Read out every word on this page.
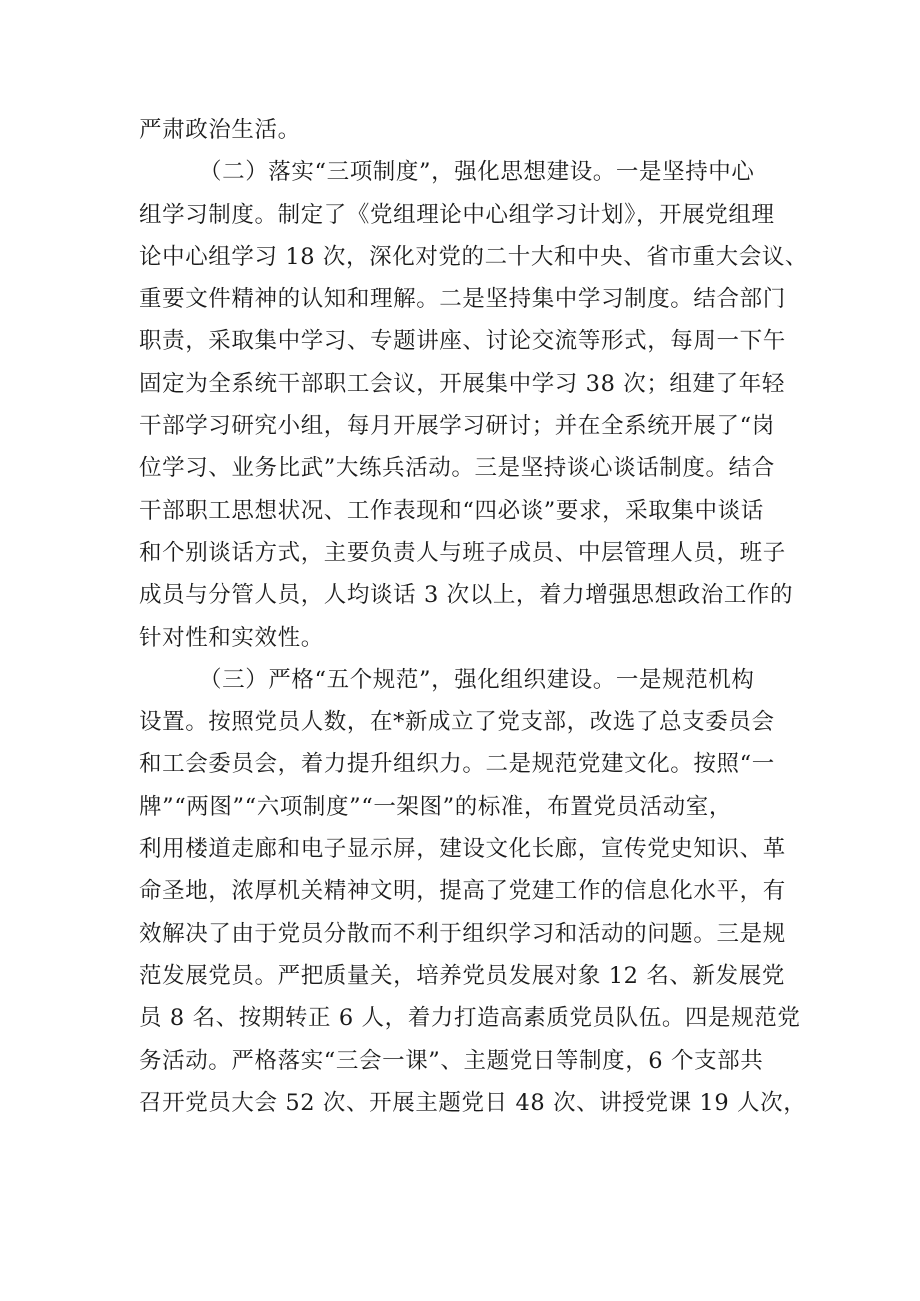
严肃政治生活。
（二）落实“三项制度”，强化思想建设。一是坚持中心
组学习制度。制定了《党组理论中心组学习计划》，开展党组理
论中心组学习 18 次，深化对党的二十大和中央、省市重大会议、
重要文件精神的认知和理解。二是坚持集中学习制度。结合部门
职责，采取集中学习、专题讲座、讨论交流等形式，每周一下午
固定为全系统干部职工会议，开展集中学习 38 次；组建了年轻
干部学习研究小组，每月开展学习研讨；并在全系统开展了“岗
位学习、业务比武”大练兵活动。三是坚持谈心谈话制度。结合
干部职工思想状况、工作表现和“四必谈”要求，采取集中谈话
和个别谈话方式，主要负责人与班子成员、中层管理人员，班子
成员与分管人员，人均谈话 3 次以上，着力增强思想政治工作的
针对性和实效性。
（三）严格“五个规范”，强化组织建设。一是规范机构
设置。按照党员人数，在*新成立了党支部，改选了总支委员会
和工会委员会，着力提升组织力。二是规范党建文化。按照“一
牌”“两图”“六项制度”“一架图”的标准，布置党员活动室，
利用楼道走廊和电子显示屏，建设文化长廊，宣传党史知识、革
命圣地，浓厚机关精神文明，提高了党建工作的信息化水平，有
效解决了由于党员分散而不利于组织学习和活动的问题。三是规
范发展党员。严把质量关，培养党员发展对象 12 名、新发展党
员 8 名、按期转正 6 人，着力打造高素质党员队伍。四是规范党
务活动。严格落实“三会一课”、主题党日等制度，6 个支部共
召开党员大会 52 次、开展主题党日 48 次、讲授党课 19 人次，
